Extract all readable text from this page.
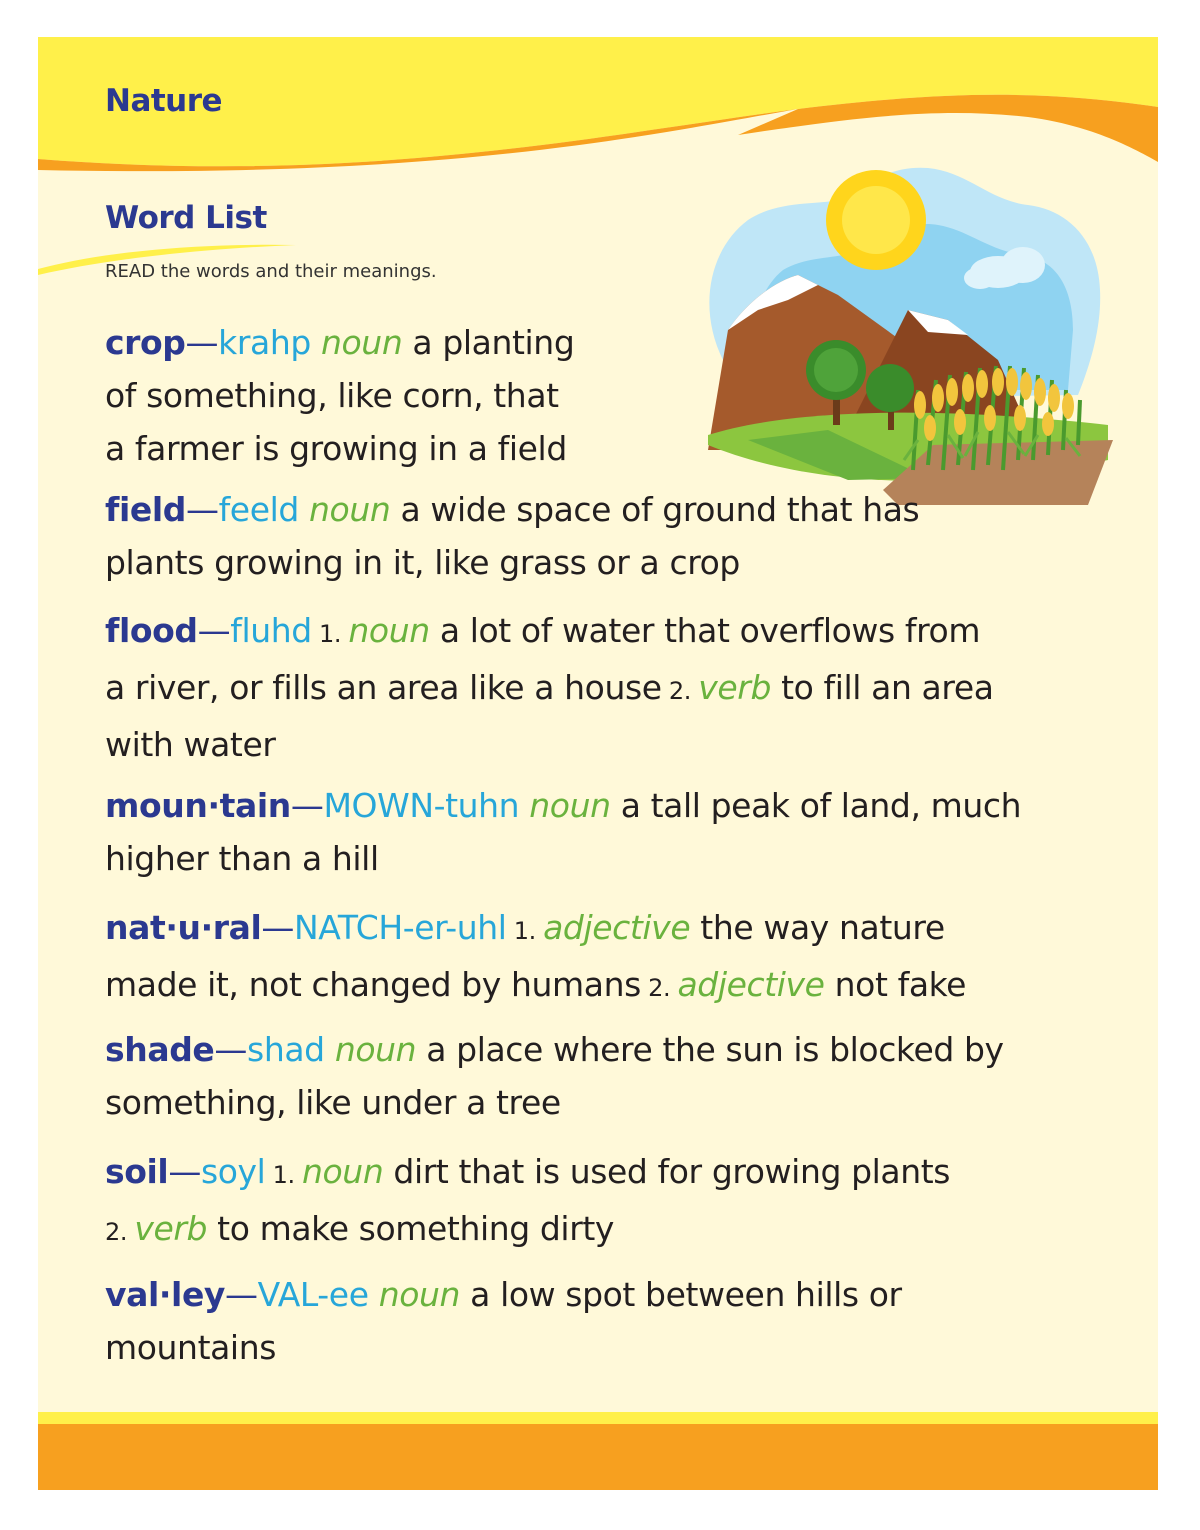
Nature
Word List
READ the words and their meanings.
crop—krahp noun a planting
of something, like corn, that
a farmer is growing in a field
field—feeld noun a wide space of ground that has
plants growing in it, like grass or a crop
flood—fluhd 1. noun a lot of water that overflows from
a river, or fills an area like a house 2. verb to fill an area
with water
moun·tain—MOWN-tuhn noun a tall peak of land, much
higher than a hill
nat·u·ral—NATCH-er-uhl 1. adjective the way nature
made it, not changed by humans 2. adjective not fake
shade—shad noun a place where the sun is blocked by
something, like under a tree
soil—soyl 1. noun dirt that is used for growing plants
2. verb to make something dirty
val·ley—VAL-ee noun a low spot between hills or
mountains
